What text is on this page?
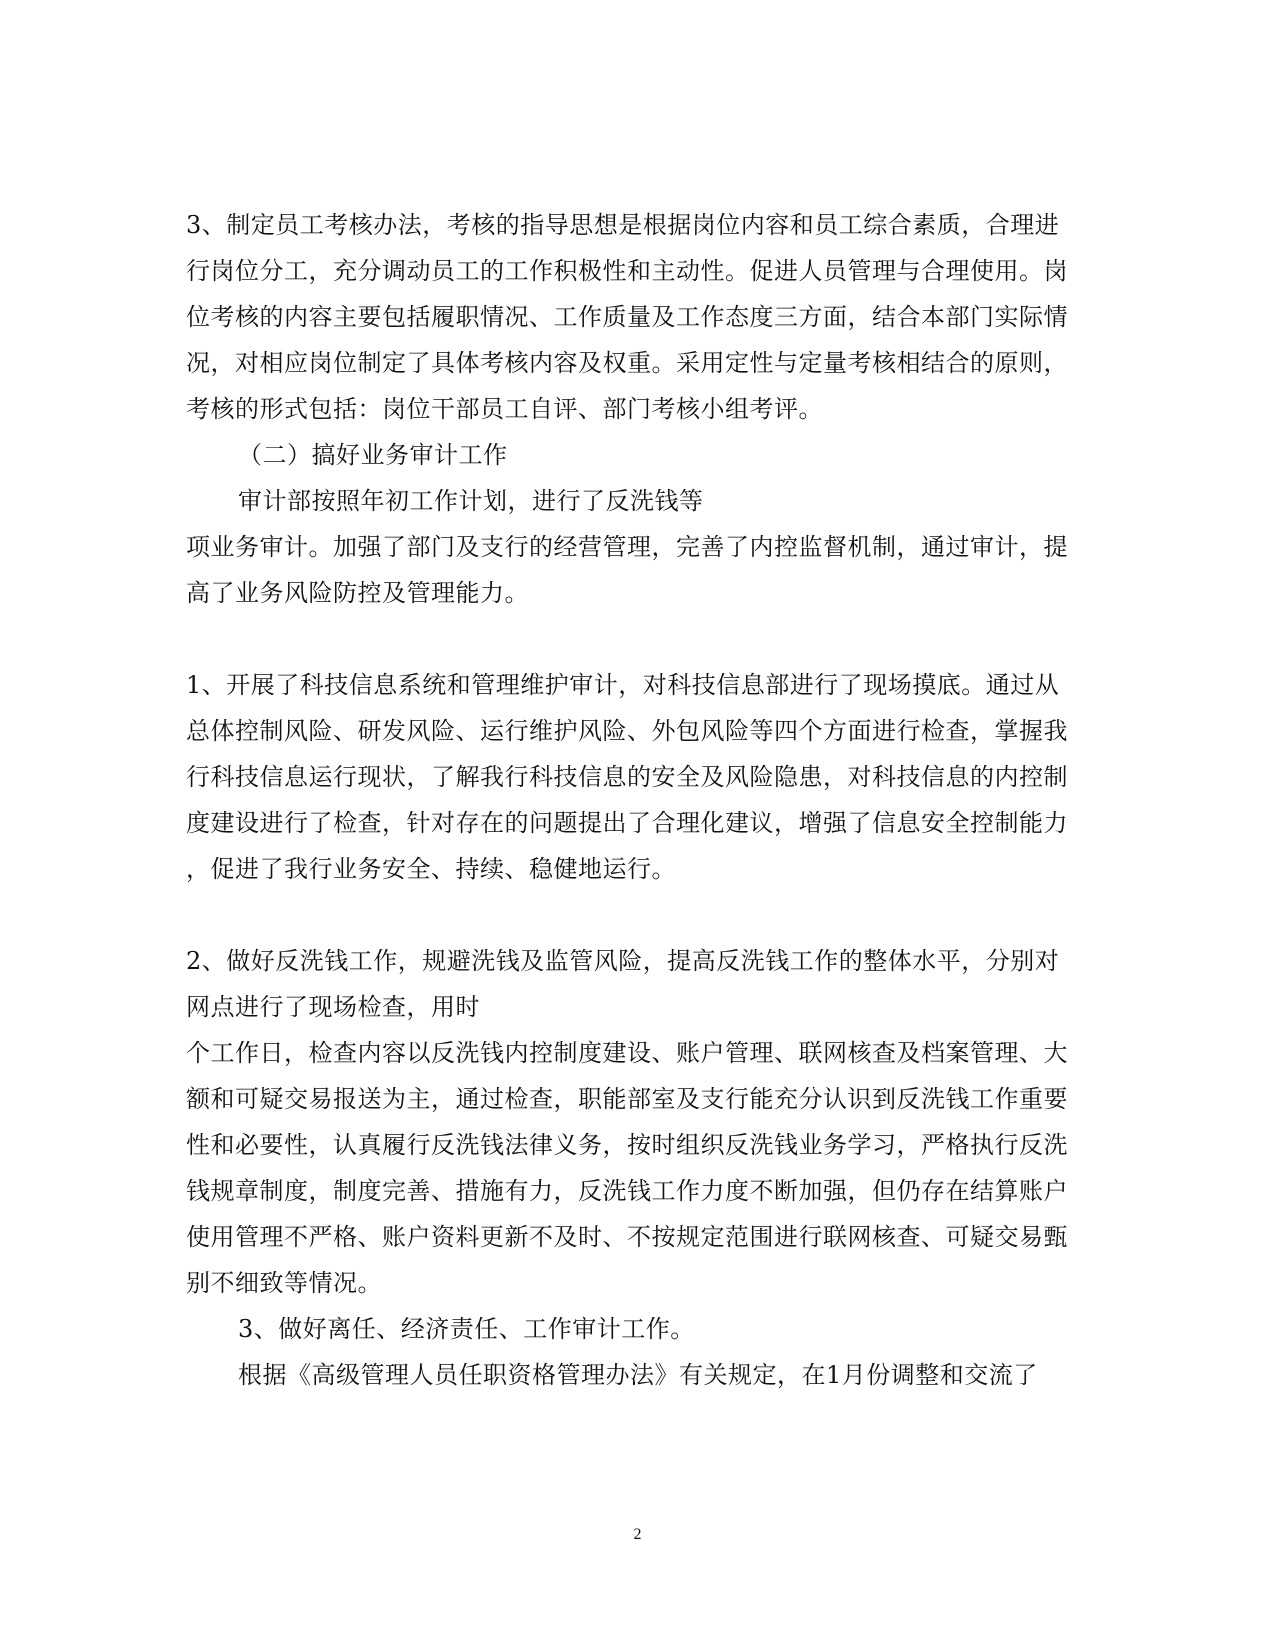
3、制定员工考核办法，考核的指导思想是根据岗位内容和员工综合素质，合理进
行岗位分工，充分调动员工的工作积极性和主动性。促进人员管理与合理使用。岗
位考核的内容主要包括履职情况、工作质量及工作态度三方面，结合本部门实际情
况，对相应岗位制定了具体考核内容及权重。采用定性与定量考核相结合的原则，
考核的形式包括：岗位干部员工自评、部门考核小组考评。
（二）搞好业务审计工作
审计部按照年初工作计划，进行了反洗钱等
项业务审计。加强了部门及支行的经营管理，完善了内控监督机制，通过审计，提
高了业务风险防控及管理能力。
1、开展了科技信息系统和管理维护审计，对科技信息部进行了现场摸底。通过从
总体控制风险、研发风险、运行维护风险、外包风险等四个方面进行检查，掌握我
行科技信息运行现状，了解我行科技信息的安全及风险隐患，对科技信息的内控制
度建设进行了检查，针对存在的问题提出了合理化建议，增强了信息安全控制能力
，促进了我行业务安全、持续、稳健地运行。
2、做好反洗钱工作，规避洗钱及监管风险，提高反洗钱工作的整体水平，分别对
网点进行了现场检查，用时
个工作日，检查内容以反洗钱内控制度建设、账户管理、联网核查及档案管理、大
额和可疑交易报送为主，通过检查，职能部室及支行能充分认识到反洗钱工作重要
性和必要性，认真履行反洗钱法律义务，按时组织反洗钱业务学习，严格执行反洗
钱规章制度，制度完善、措施有力，反洗钱工作力度不断加强，但仍存在结算账户
使用管理不严格、账户资料更新不及时、不按规定范围进行联网核查、可疑交易甄
别不细致等情况。
3、做好离任、经济责任、工作审计工作。
根据《高级管理人员任职资格管理办法》有关规定，在1月份调整和交流了
2
